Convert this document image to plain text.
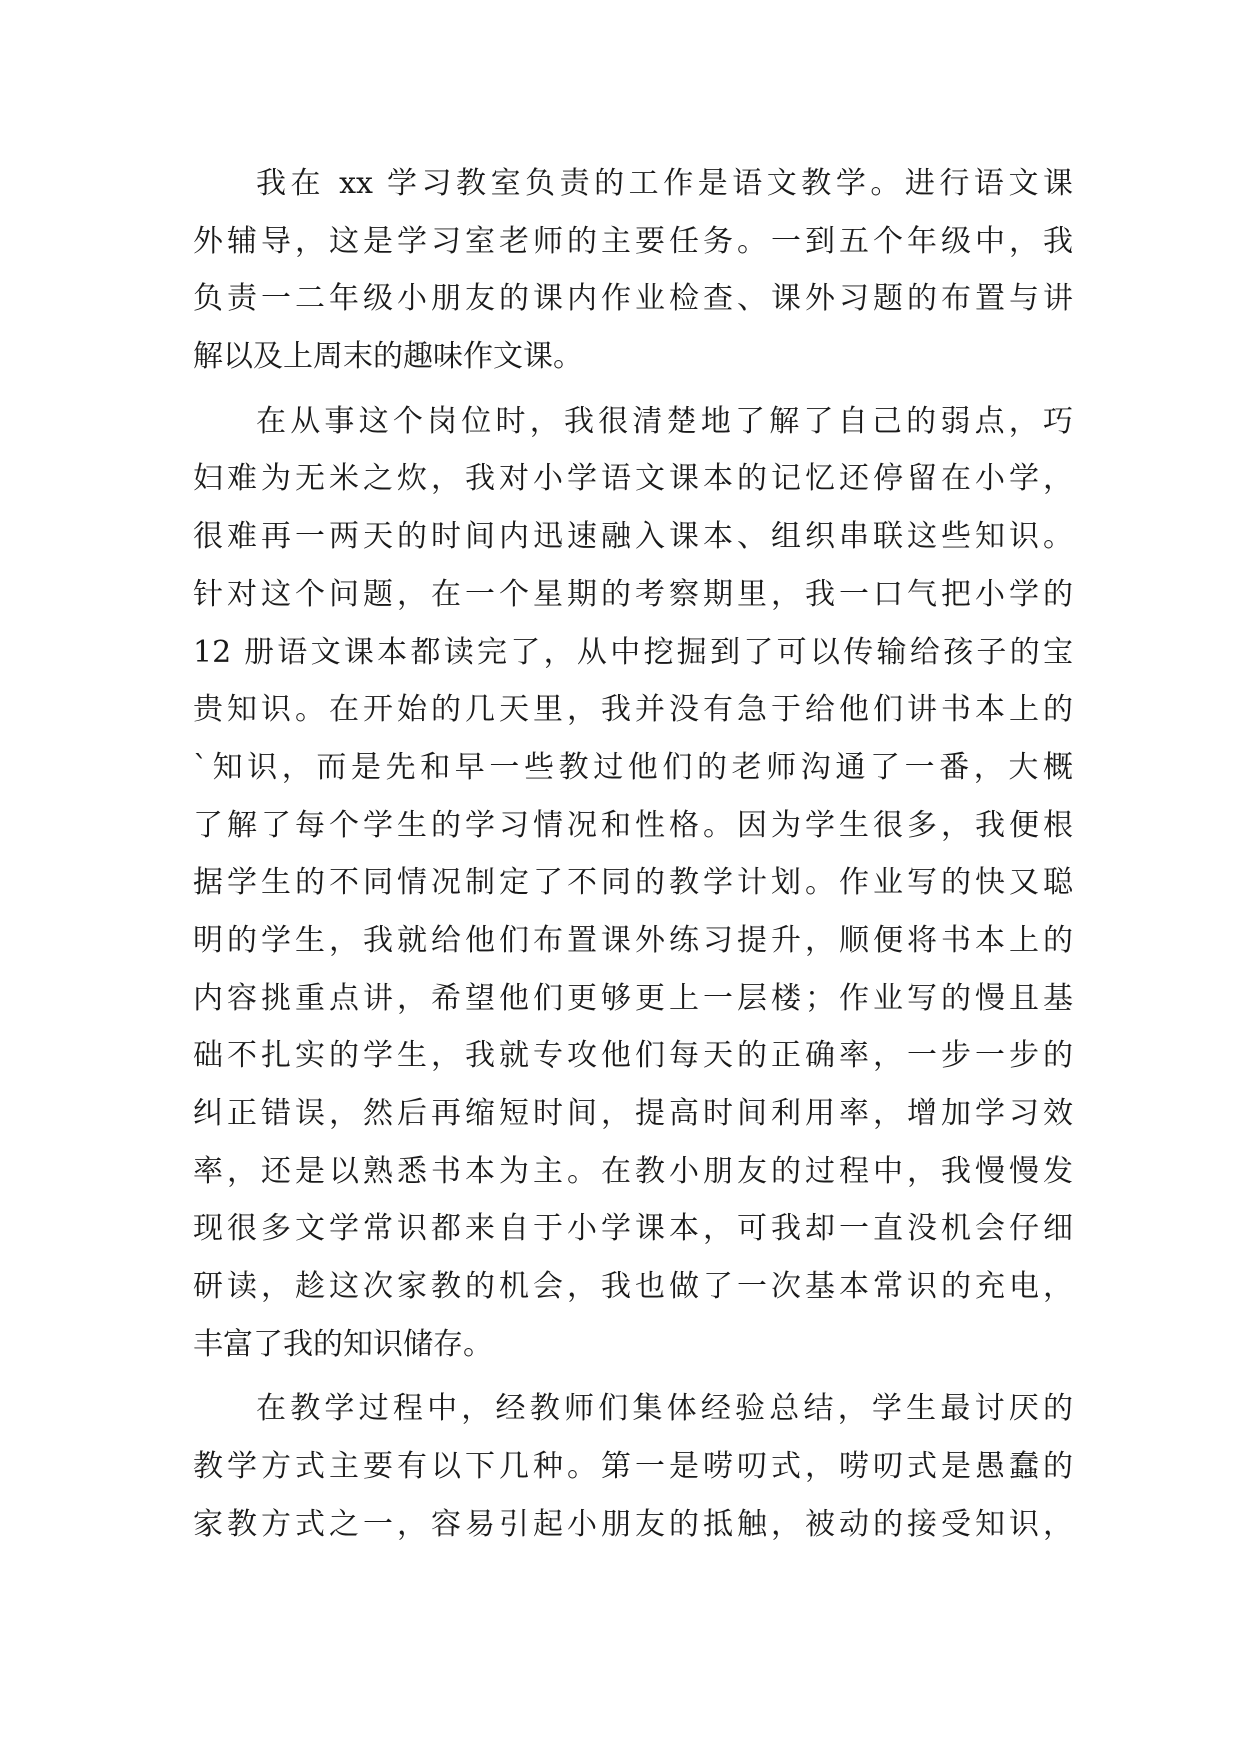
我在 xx 学习教室负责的工作是语文教学。进行语文课
外辅导，这是学习室老师的主要任务。一到五个年级中，我
负责一二年级小朋友的课内作业检查、课外习题的布置与讲
解以及上周末的趣味作文课。
在从事这个岗位时，我很清楚地了解了自己的弱点，巧
妇难为无米之炊，我对小学语文课本的记忆还停留在小学，
很难再一两天的时间内迅速融入课本、组织串联这些知识。
针对这个问题，在一个星期的考察期里，我一口气把小学的
12 册语文课本都读完了，从中挖掘到了可以传输给孩子的宝
贵知识。在开始的几天里，我并没有急于给他们讲书本上的
`知识，而是先和早一些教过他们的老师沟通了一番，大概
了解了每个学生的学习情况和性格。因为学生很多，我便根
据学生的不同情况制定了不同的教学计划。作业写的快又聪
明的学生，我就给他们布置课外练习提升，顺便将书本上的
内容挑重点讲，希望他们更够更上一层楼；作业写的慢且基
础不扎实的学生，我就专攻他们每天的正确率，一步一步的
纠正错误，然后再缩短时间，提高时间利用率，增加学习效
率，还是以熟悉书本为主。在教小朋友的过程中，我慢慢发
现很多文学常识都来自于小学课本，可我却一直没机会仔细
研读，趁这次家教的机会，我也做了一次基本常识的充电，
丰富了我的知识储存。
在教学过程中，经教师们集体经验总结，学生最讨厌的
教学方式主要有以下几种。第一是唠叨式，唠叨式是愚蠢的
家教方式之一，容易引起小朋友的抵触，被动的接受知识，
